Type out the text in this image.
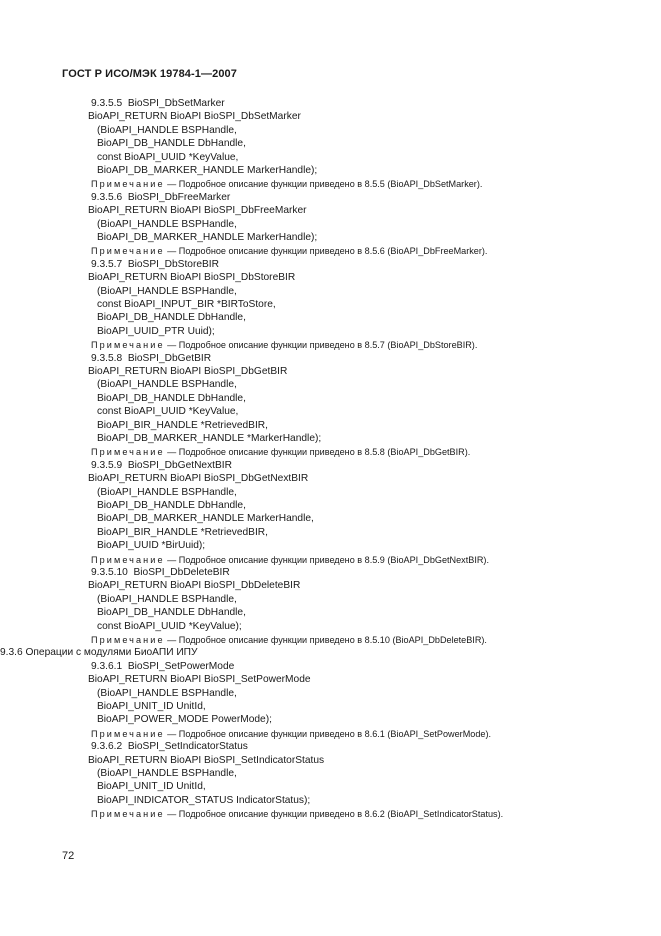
ГОСТ Р ИСО/МЭК 19784-1—2007
9.3.5.5  BioSPI_DbSetMarker
BioAPI_RETURN BioAPI BioSPI_DbSetMarker
(BioAPI_HANDLE BSPHandle,
BioAPI_DB_HANDLE DbHandle,
const BioAPI_UUID *KeyValue,
BioAPI_DB_MARKER_HANDLE MarkerHandle);
Примечание — Подробное описание функции приведено в 8.5.5 (BioAPI_DbSetMarker).
9.3.5.6  BioSPI_DbFreeMarker
BioAPI_RETURN BioAPI BioSPI_DbFreeMarker
(BioAPI_HANDLE BSPHandle,
BioAPI_DB_MARKER_HANDLE MarkerHandle);
Примечание — Подробное описание функции приведено в 8.5.6 (BioAPI_DbFreeMarker).
9.3.5.7  BioSPI_DbStoreBIR
BioAPI_RETURN BioAPI BioSPI_DbStoreBIR
(BioAPI_HANDLE BSPHandle,
const BioAPI_INPUT_BIR *BIRToStore,
BioAPI_DB_HANDLE DbHandle,
BioAPI_UUID_PTR Uuid);
Примечание — Подробное описание функции приведено в 8.5.7 (BioAPI_DbStoreBIR).
9.3.5.8  BioSPI_DbGetBIR
BioAPI_RETURN BioAPI BioSPI_DbGetBIR
(BioAPI_HANDLE BSPHandle,
BioAPI_DB_HANDLE DbHandle,
const BioAPI_UUID *KeyValue,
BioAPI_BIR_HANDLE *RetrievedBIR,
BioAPI_DB_MARKER_HANDLE *MarkerHandle);
Примечание — Подробное описание функции приведено в 8.5.8 (BioAPI_DbGetBIR).
9.3.5.9  BioSPI_DbGetNextBIR
BioAPI_RETURN BioAPI BioSPI_DbGetNextBIR
(BioAPI_HANDLE BSPHandle,
BioAPI_DB_HANDLE DbHandle,
BioAPI_DB_MARKER_HANDLE MarkerHandle,
BioAPI_BIR_HANDLE *RetrievedBIR,
BioAPI_UUID *BirUuid);
Примечание — Подробное описание функции приведено в 8.5.9 (BioAPI_DbGetNextBIR).
9.3.5.10  BioSPI_DbDeleteBIR
BioAPI_RETURN BioAPI BioSPI_DbDeleteBIR
(BioAPI_HANDLE BSPHandle,
BioAPI_DB_HANDLE DbHandle,
const BioAPI_UUID *KeyValue);
Примечание — Подробное описание функции приведено в 8.5.10 (BioAPI_DbDeleteBIR).
9.3.6 Операции с модулями БиоАПИ ИПУ
9.3.6.1  BioSPI_SetPowerMode
BioAPI_RETURN BioAPI BioSPI_SetPowerMode
(BioAPI_HANDLE BSPHandle,
BioAPI_UNIT_ID UnitId,
BioAPI_POWER_MODE PowerMode);
Примечание — Подробное описание функции приведено в 8.6.1 (BioAPI_SetPowerMode).
9.3.6.2  BioSPI_SetIndicatorStatus
BioAPI_RETURN BioAPI BioSPI_SetIndicatorStatus
(BioAPI_HANDLE BSPHandle,
BioAPI_UNIT_ID UnitId,
BioAPI_INDICATOR_STATUS IndicatorStatus);
Примечание — Подробное описание функции приведено в 8.6.2 (BioAPI_SetIndicatorStatus).
72
